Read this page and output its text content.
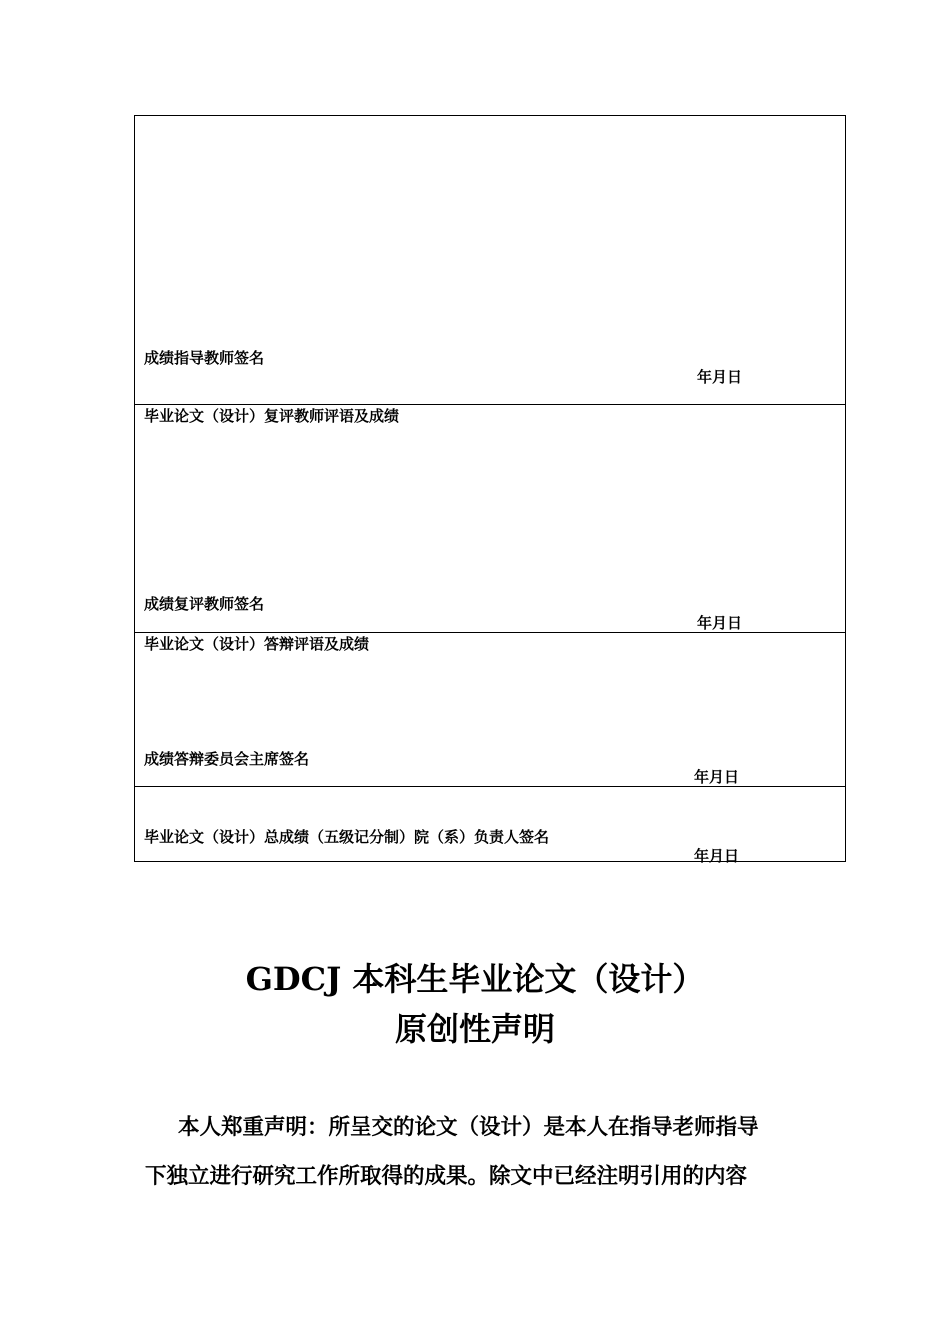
成绩指导教师签名
年月日
毕业论文（设计）复评教师评语及成绩
成绩复评教师签名
年月日
毕业论文（设计）答辩评语及成绩
成绩答辩委员会主席签名
年月日
毕业论文（设计）总成绩（五级记分制）院（系）负责人签名
年月日
GDCJ 本科生毕业论文（设计）
原创性声明
本人郑重声明：所呈交的论文（设计）是本人在指导老师指导
下独立进行研究工作所取得的成果。除文中已经注明引用的内容
